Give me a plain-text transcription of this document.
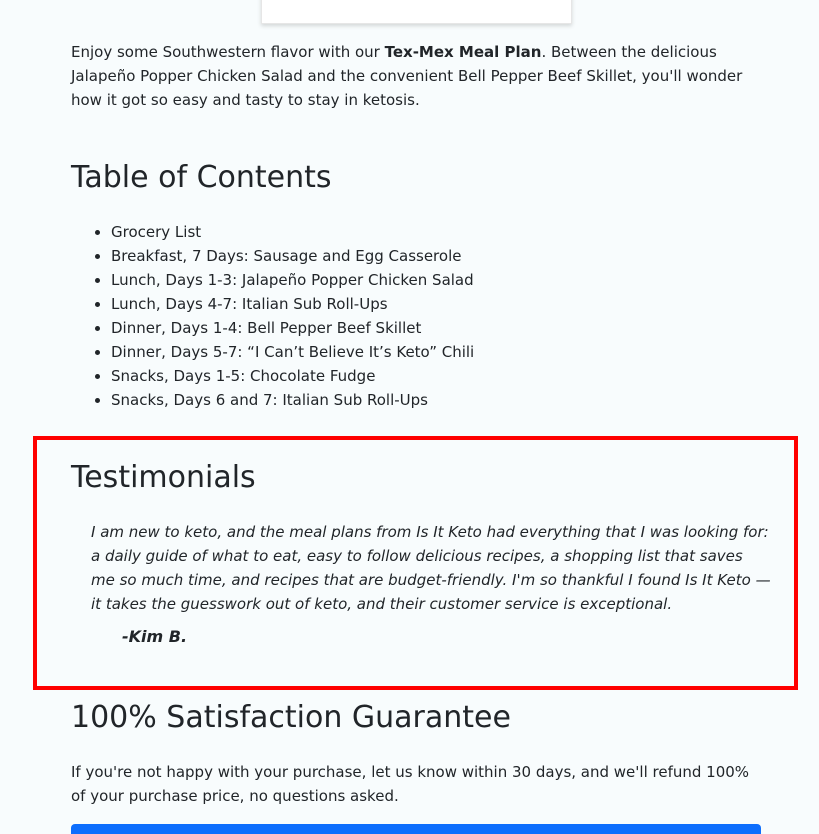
Enjoy some Southwestern flavor with our Tex-Mex Meal Plan. Between the delicious Jalapeño Popper Chicken Salad and the convenient Bell Pepper Beef Skillet, you'll wonder how it got so easy and tasty to stay in ketosis.

Table of Contents
• Grocery List
• Breakfast, 7 Days: Sausage and Egg Casserole
• Lunch, Days 1-3: Jalapeño Popper Chicken Salad
• Lunch, Days 4-7: Italian Sub Roll-Ups
• Dinner, Days 1-4: Bell Pepper Beef Skillet
• Dinner, Days 5-7: “I Can’t Believe It’s Keto” Chili
• Snacks, Days 1-5: Chocolate Fudge
• Snacks, Days 6 and 7: Italian Sub Roll-Ups
Testimonials

I am new to keto, and the meal plans from Is It Keto had everything that I was looking for: a daily guide of what to eat, easy to follow delicious recipes, a shopping list that saves me so much time, and recipes that are budget-friendly. I'm so thankful I found Is It Keto — it takes the guesswork out of keto, and their customer service is exceptional.

-Kim B.

100% Satisfaction Guarantee

If you're not happy with your purchase, let us know within 30 days, and we'll refund 100% of your purchase price, no questions asked.
